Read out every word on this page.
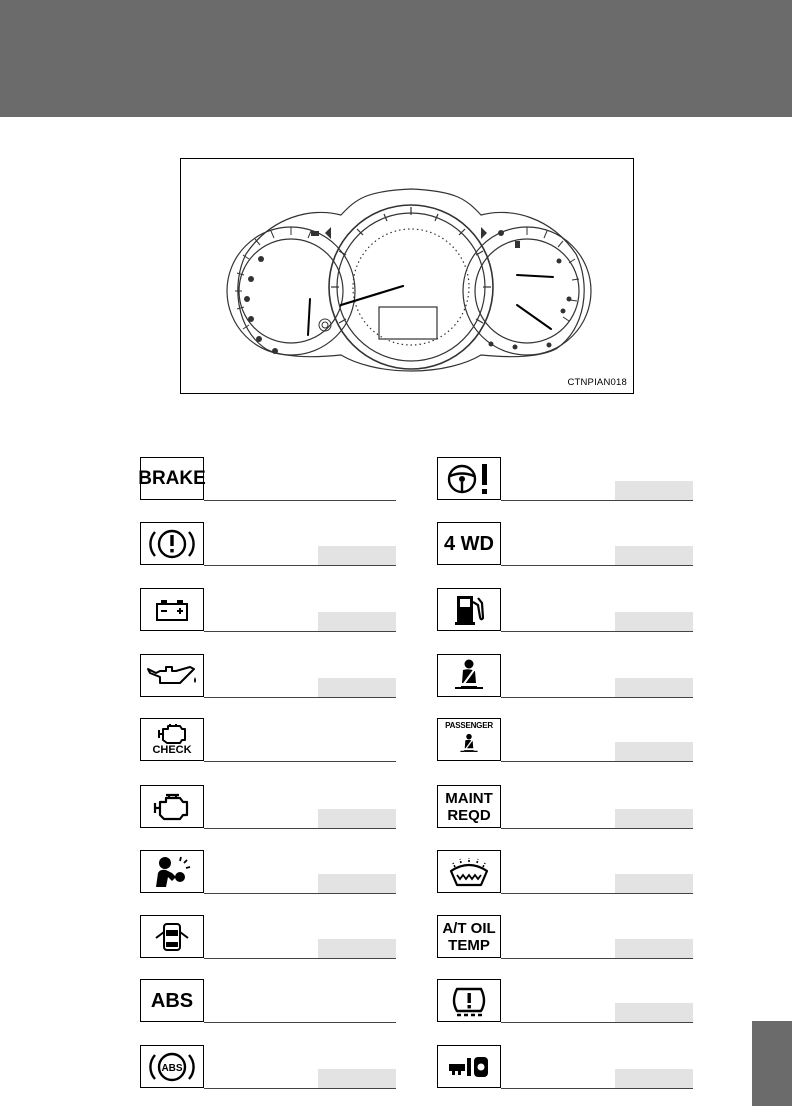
CTNPIAN018
BRAKE
CHECK
ABS
ABS
4 WD
PASSENGER
MAINT
REQD
A/T OIL
TEMP
